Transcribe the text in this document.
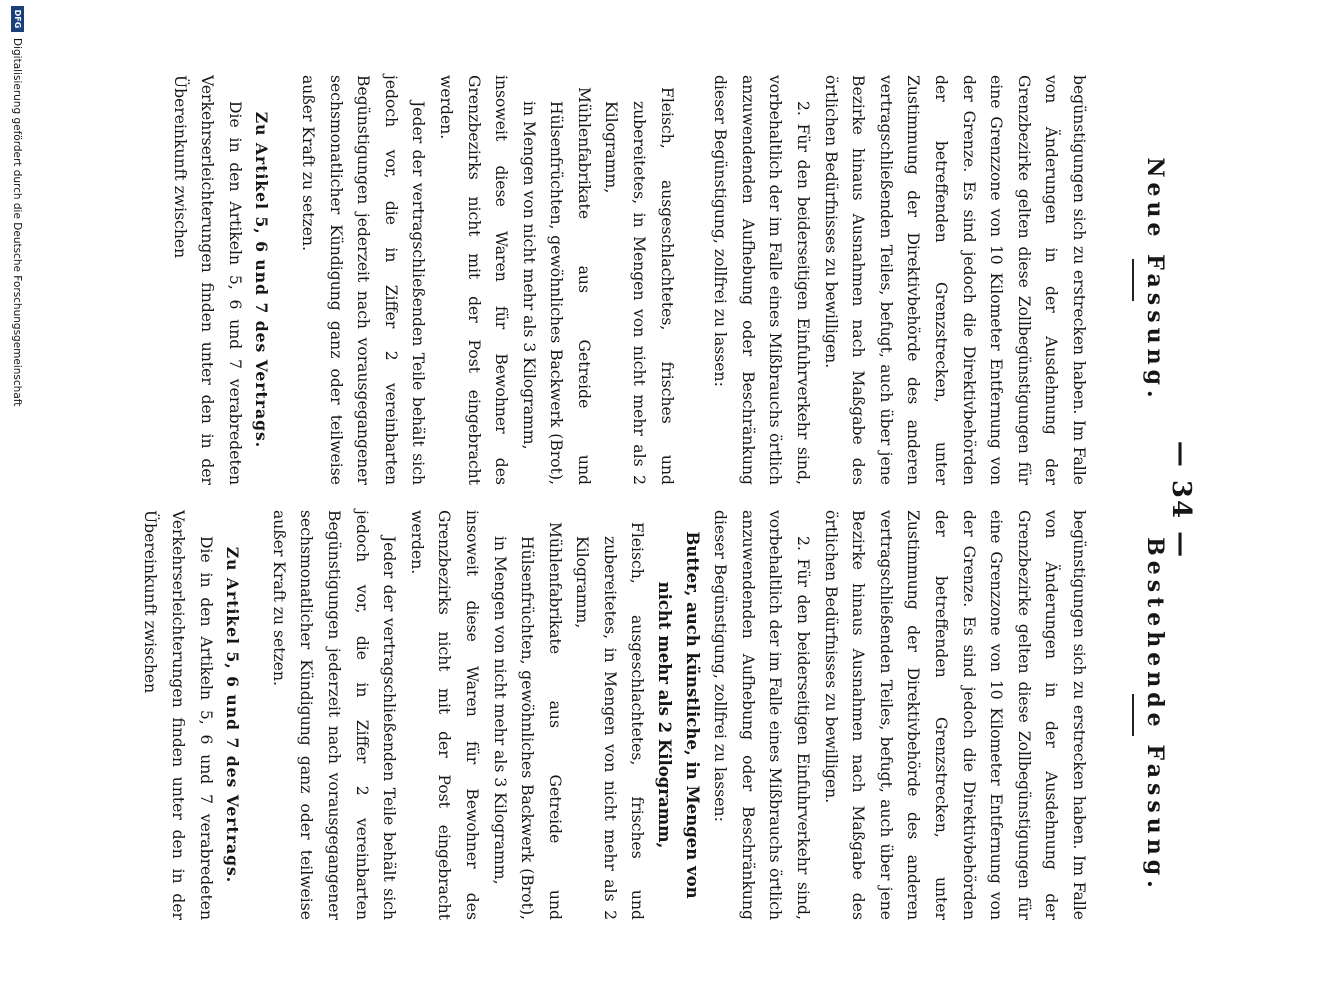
— 34 —
Neue Fassung.

begünstigungen sich zu erstrecken haben. Im Falle von Änderungen in der Ausdehnung der Grenzbezirke gelten diese Zollbegünstigungen für eine Grenzzone von 10 Kilometer Entfernung von der Grenze. Es sind jedoch die Direktivbehörden der betreffenden Grenzstrecken, unter Zustimmung der Direktivbehörde des anderen vertragschließenden Teiles, befugt, auch über jene Bezirke hinaus Ausnahmen nach Maßgabe des örtlichen Bedürfnisses zu bewilligen.

2. Für den beiderseitigen Einfuhrverkehr sind, vorbehaltlich der im Falle eines Mißbrauchs örtlich anzuwendenden Aufhebung oder Beschränkung dieser Begünstigung, zollfrei zu lassen:

Fleisch, ausgeschlachtetes, frisches und zubereitetes, in Mengen von nicht mehr als 2 Kilogramm,

Mühlenfabrikate aus Getreide und Hülsenfrüchten, gewöhnliches Backwerk (Brot), in Mengen von nicht mehr als 3 Kilogramm,

insoweit diese Waren für Bewohner des Grenzbezirks nicht mit der Post eingebracht werden.

Jeder der vertragschließenden Teile behält sich jedoch vor, die in Ziffer 2 vereinbarten Begünstigungen jederzeit nach vorausgegangener sechsmonatlicher Kündigung ganz oder teilweise außer Kraft zu setzen.

Zu Artikel 5, 6 und 7 des Vertrags.

Die in den Artikeln 5, 6 und 7 verabredeten Verkehrserleichterungen finden unter den in der Übereinkunft zwischen

Bestehende Fassung.

begünstigungen sich zu erstrecken haben. Im Falle von Änderungen in der Ausdehnung der Grenzbezirke gelten diese Zollbegünstigungen für eine Grenzzone von 10 Kilometer Entfernung von der Grenze. Es sind jedoch die Direktivbehörden der betreffenden Grenzstrecken, unter Zustimmung der Direktivbehörde des anderen vertragschließenden Teiles, befugt, auch über jene Bezirke hinaus Ausnahmen nach Maßgabe des örtlichen Bedürfnisses zu bewilligen.

2. Für den beiderseitigen Einfuhrverkehr sind, vorbehaltlich der im Falle eines Mißbrauchs örtlich anzuwendenden Aufhebung oder Beschränkung dieser Begünstigung, zollfrei zu lassen:

Butter, auch künstliche, in Mengen von nicht mehr als 2 Kilogramm,

Fleisch, ausgeschlachtetes, frisches und zubereitetes, in Mengen von nicht mehr als 2 Kilogramm,

Mühlenfabrikate aus Getreide und Hülsenfrüchten, gewöhnliches Backwerk (Brot), in Mengen von nicht mehr als 3 Kilogramm,

insoweit diese Waren für Bewohner des Grenzbezirks nicht mit der Post eingebracht werden.

Jeder der vertragschließenden Teile behält sich jedoch vor, die in Ziffer 2 vereinbarten Begünstigungen jederzeit nach vorausgegangener sechsmonatlicher Kündigung ganz oder teilweise außer Kraft zu setzen.

Zu Artikel 5, 6 und 7 des Vertrags.

Die in den Artikeln 5, 6 und 7 verabredeten Verkehrserleichterungen finden unter den in der Übereinkunft zwischen

DFG
Digitalisierung gefördert durch die Deutsche Forschungsgemeinschaft
